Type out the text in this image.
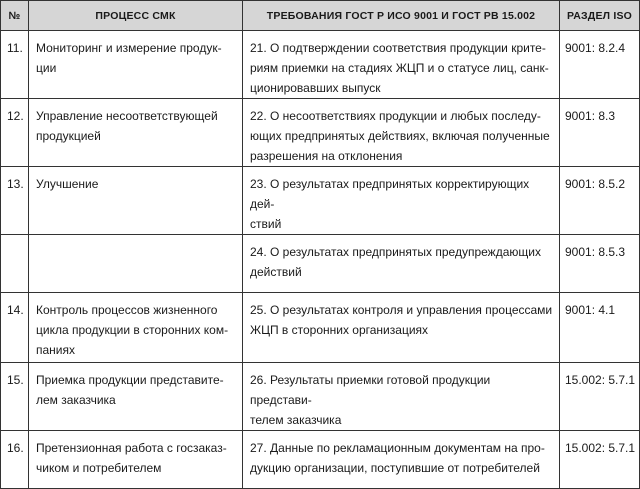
№	ПРОЦЕСС СМК	ТРЕБОВАНИЯ ГОСТ Р ИСО 9001 И ГОСТ РВ 15.002	РАЗДЕЛ ISO

11.	Мониторинг и измерение продук-
ции	21. О подтверждении соответствия продукции крите-
риям приемки на стадиях ЖЦП и о статусе лиц, санк-
ционировавших выпуск	9001: 8.2.4

12.	Управление несоответствующей
продукцией	22. О несоответствиях продукции и любых последу-
ющих предпринятых действиях, включая полученные
разрешения на отклонения	9001: 8.3

13.	Улучшение	23. О результатах предпринятых корректирующих дей-
ствий	9001: 8.5.2

		24. О результатах предпринятых предупреждающих
действий	9001: 8.5.3

14.	Контроль процессов жизненного
цикла продукции в сторонних ком-
паниях	25. О результатах контроля и управления процессами
ЖЦП в сторонних организациях	9001: 4.1

15.	Приемка продукции представите-
лем заказчика	26. Результаты приемки готовой продукции представи-
телем заказчика	15.002: 5.7.1

16.	Претензионная работа с госзаказ-
чиком и потребителем	27. Данные по рекламационным документам на про-
дукцию организации, поступившие от потребителей	15.002: 5.7.1
